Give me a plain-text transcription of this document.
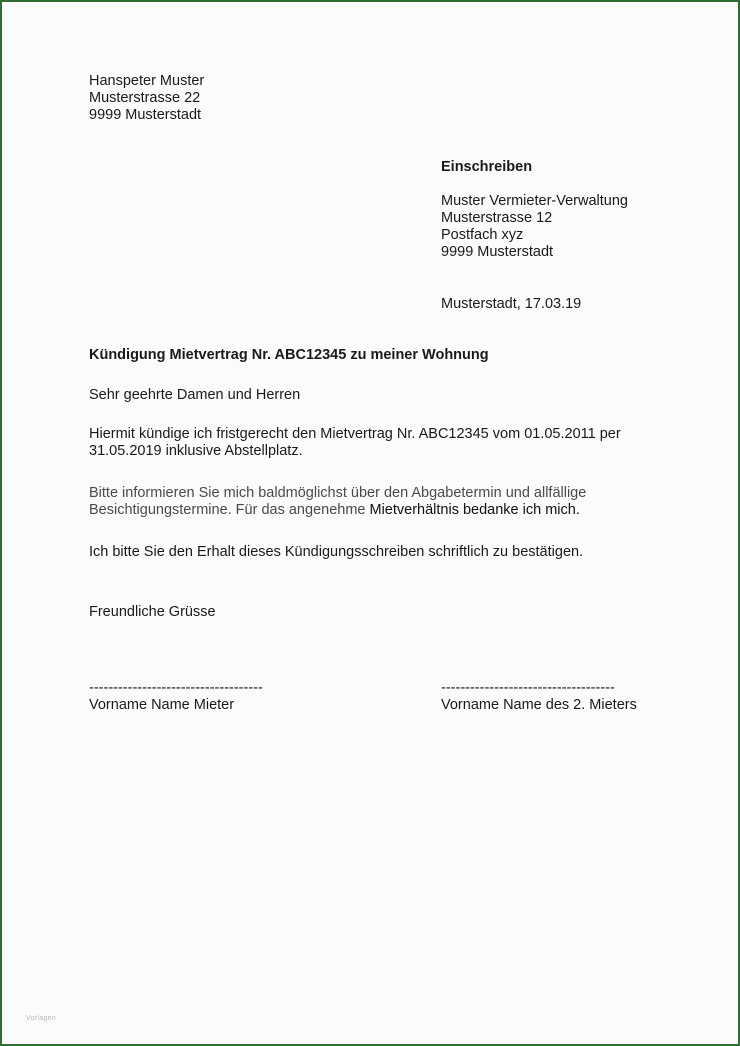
Hanspeter Muster
Musterstrasse 22
9999 Musterstadt
Einschreiben
Muster Vermieter-Verwaltung
Musterstrasse 12
Postfach xyz
9999 Musterstadt
Musterstadt, 17.03.19
Kündigung Mietvertrag Nr. ABC12345 zu meiner Wohnung
Sehr geehrte Damen und Herren
Hiermit kündige ich fristgerecht den Mietvertrag Nr. ABC12345 vom 01.05.2011 per
31.05.2019 inklusive Abstellplatz.
Bitte informieren Sie mich baldmöglichst über den Abgabetermin und allfällige
Besichtigungstermine. Für das angenehme Mietverhältnis bedanke ich mich.
Ich bitte Sie den Erhalt dieses Kündigungsschreiben schriftlich zu bestätigen.
Freundliche Grüsse
------------------------------------
Vorname Name Mieter
------------------------------------
Vorname Name des 2. Mieters
Vorlagen
